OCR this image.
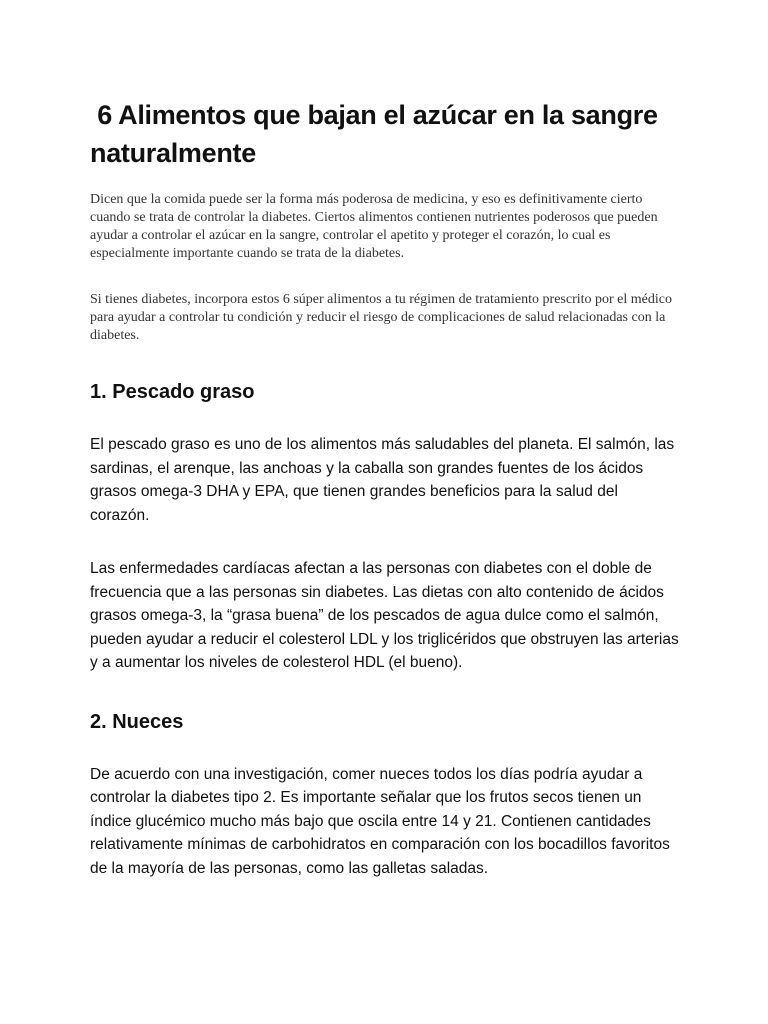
6 Alimentos que bajan el azúcar en la sangre naturalmente

Dicen que la comida puede ser la forma más poderosa de medicina, y eso es definitivamente cierto cuando se trata de controlar la diabetes. Ciertos alimentos contienen nutrientes poderosos que pueden ayudar a controlar el azúcar en la sangre, controlar el apetito y proteger el corazón, lo cual es especialmente importante cuando se trata de la diabetes.

Si tienes diabetes, incorpora estos 6 súper alimentos a tu régimen de tratamiento prescrito por el médico para ayudar a controlar tu condición y reducir el riesgo de complicaciones de salud relacionadas con la diabetes.

1. Pescado graso

El pescado graso es uno de los alimentos más saludables del planeta. El salmón, las sardinas, el arenque, las anchoas y la caballa son grandes fuentes de los ácidos grasos omega-3 DHA y EPA, que tienen grandes beneficios para la salud del corazón.

Las enfermedades cardíacas afectan a las personas con diabetes con el doble de frecuencia que a las personas sin diabetes. Las dietas con alto contenido de ácidos grasos omega-3, la “grasa buena” de los pescados de agua dulce como el salmón, pueden ayudar a reducir el colesterol LDL y los triglicéridos que obstruyen las arterias y a aumentar los niveles de colesterol HDL (el bueno).

2. Nueces

De acuerdo con una investigación, comer nueces todos los días podría ayudar a controlar la diabetes tipo 2. Es importante señalar que los frutos secos tienen un índice glucémico mucho más bajo que oscila entre 14 y 21. Contienen cantidades relativamente mínimas de carbohidratos en comparación con los bocadillos favoritos de la mayoría de las personas, como las galletas saladas.
